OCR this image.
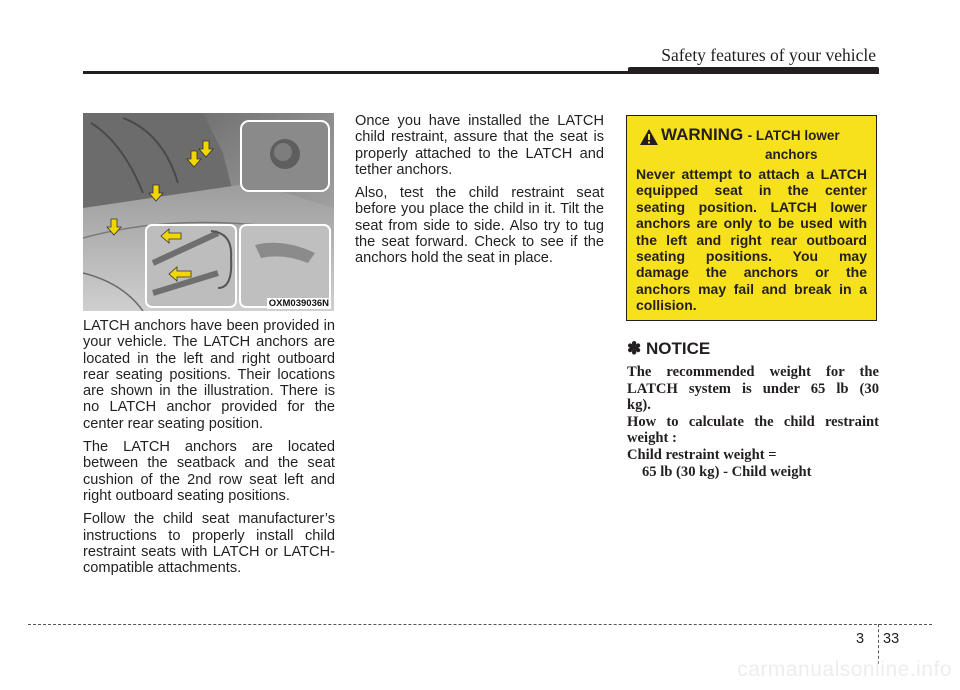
Safety features of your vehicle
OXM039036N

LATCH anchors have been provided in your vehicle. The LATCH anchors are located in the left and right outboard rear seating positions. Their locations are shown in the illustration. There is no LATCH anchor provided for the center rear seating position.

The LATCH anchors are located between the seatback and the seat cushion of the 2nd row seat left and right outboard seating positions.

Follow the child seat manufacturer’s instructions to properly install child restraint seats with LATCH or LATCH-compatible attachments.

Once you have installed the LATCH child restraint, assure that the seat is properly attached to the LATCH and tether anchors.

Also, test the child restraint seat before you place the child in it. Tilt the seat from side to side. Also try to tug the seat forward. Check to see if the anchors hold the seat in place.

WARNING - LATCH lower
anchors
Never attempt to attach a LATCH equipped seat in the center seating position. LATCH lower anchors are only to be used with the left and right rear outboard seating positions. You may damage the anchors or the anchors may fail and break in a collision.
✽ NOTICE
The recommended weight for the
LATCH system is under 65 lb (30
kg).
How to calculate the child restraint
weight :
Child restraint weight =
65 lb (30 kg) - Child weight
3 33
carmanualsonline.info
